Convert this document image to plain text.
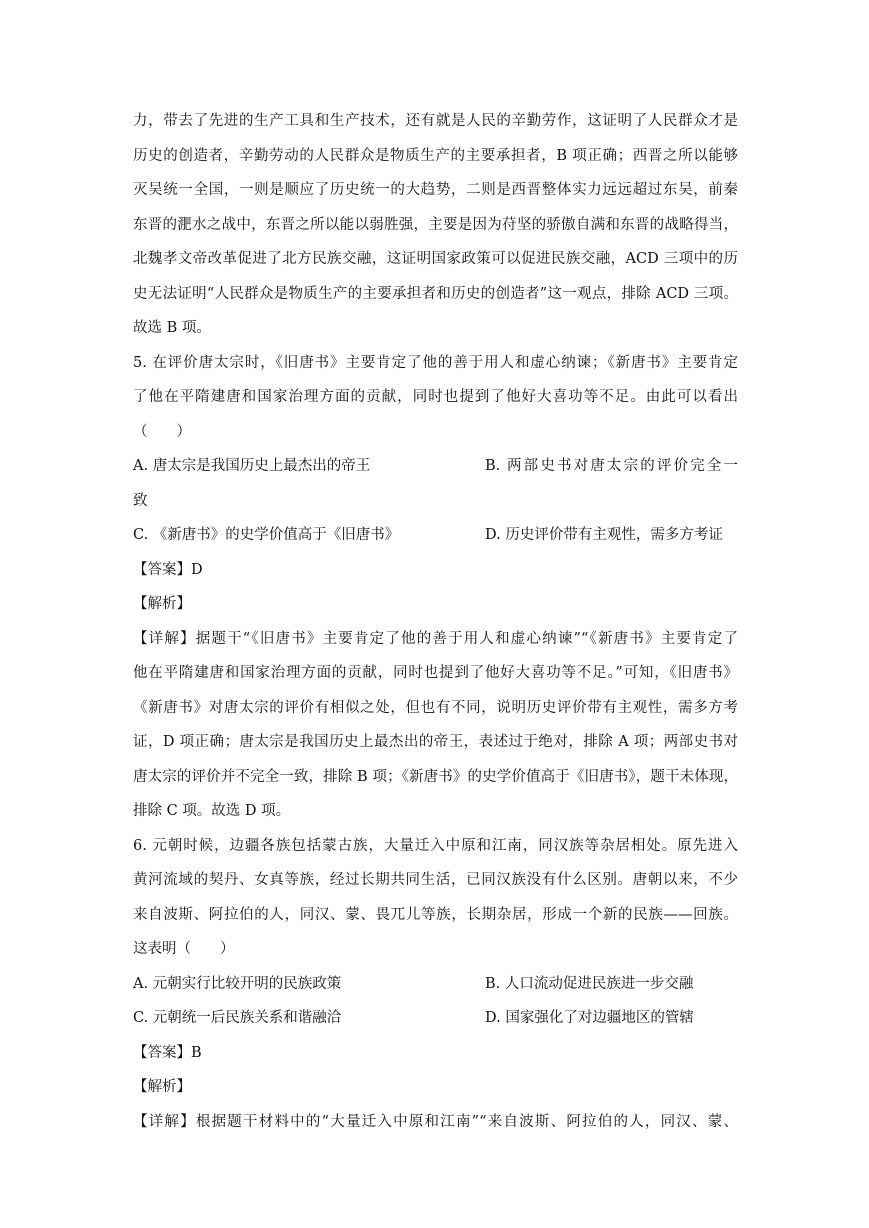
力，带去了先进的生产工具和生产技术，还有就是人民的辛勤劳作，这证明了人民群众才是
历史的创造者，辛勤劳动的人民群众是物质生产的主要承担者，B 项正确；西晋之所以能够
灭吴统一全国，一则是顺应了历史统一的大趋势，二则是西晋整体实力远远超过东吴，前秦
东晋的淝水之战中，东晋之所以能以弱胜强，主要是因为苻坚的骄傲自满和东晋的战略得当，
北魏孝文帝改革促进了北方民族交融，这证明国家政策可以促进民族交融，ACD 三项中的历
史无法证明“人民群众是物质生产的主要承担者和历史的创造者”这一观点，排除 ACD 三项。
故选 B 项。
5. 在评价唐太宗时，《旧唐书》主要肯定了他的善于用人和虚心纳谏；《新唐书》主要肯定
了他在平隋建唐和国家治理方面的贡献，同时也提到了他好大喜功等不足。由此可以看出
（　　）
A. 唐太宗是我国历史上最杰出的帝王	B. 两部史书对唐太宗的评价完全一
致
C. 《新唐书》的史学价值高于《旧唐书》	D. 历史评价带有主观性，需多方考证
【答案】D
【解析】
【详解】据题干“《旧唐书》主要肯定了他的善于用人和虚心纳谏”“《新唐书》主要肯定了
他在平隋建唐和国家治理方面的贡献，同时也提到了他好大喜功等不足。”可知，《旧唐书》
《新唐书》对唐太宗的评价有相似之处，但也有不同，说明历史评价带有主观性，需多方考
证，D 项正确；唐太宗是我国历史上最杰出的帝王，表述过于绝对，排除 A 项；两部史书对
唐太宗的评价并不完全一致，排除 B 项；《新唐书》的史学价值高于《旧唐书》，题干未体现，
排除 C 项。故选 D 项。
6. 元朝时候，边疆各族包括蒙古族，大量迁入中原和江南，同汉族等杂居相处。原先进入
黄河流域的契丹、女真等族，经过长期共同生活，已同汉族没有什么区别。唐朝以来，不少
来自波斯、阿拉伯的人，同汉、蒙、畏兀儿等族，长期杂居，形成一个新的民族——回族。
这表明（　　）
A. 元朝实行比较开明的民族政策	B. 人口流动促进民族进一步交融
C. 元朝统一后民族关系和谐融洽	D. 国家强化了对边疆地区的管辖
【答案】B
【解析】
【详解】根据题干材料中的“大量迁入中原和江南”“来自波斯、阿拉伯的人，同汉、蒙、
